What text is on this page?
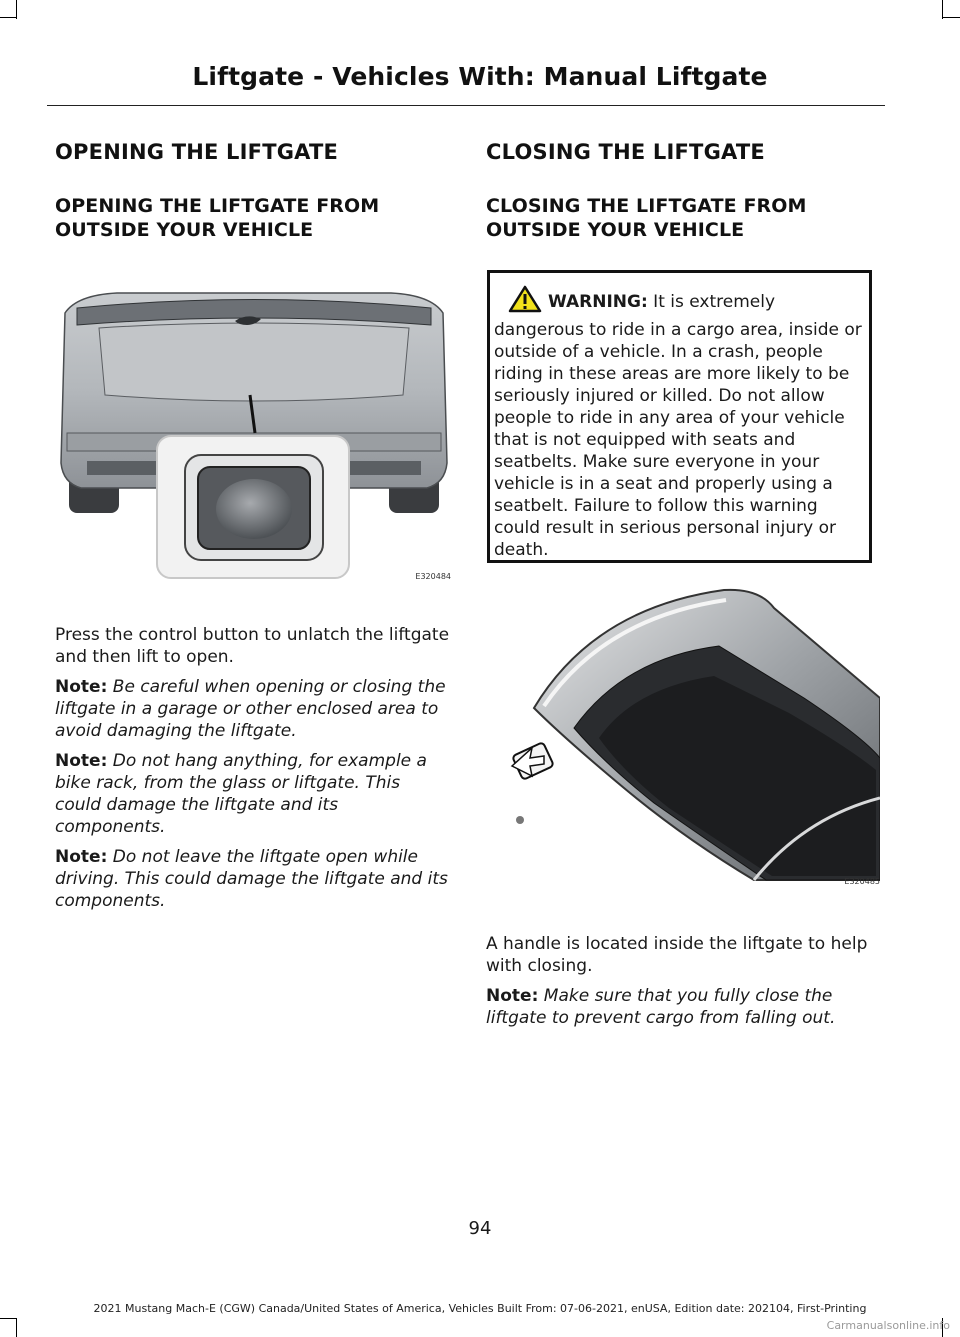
Liftgate - Vehicles With: Manual Liftgate
OPENING THE LIFTGATE
OPENING THE LIFTGATE FROM OUTSIDE YOUR VEHICLE
E320484

Press the control button to unlatch the liftgate and then lift to open.

Note: Be careful when opening or closing the liftgate in a garage or other enclosed area to avoid damaging the liftgate.

Note: Do not hang anything, for example a bike rack, from the glass or liftgate. This could damage the liftgate and its components.

Note: Do not leave the liftgate open while driving. This could damage the liftgate and its components.

CLOSING THE LIFTGATE
CLOSING THE LIFTGATE FROM OUTSIDE YOUR VEHICLE

WARNING: It is extremely dangerous to ride in a cargo area, inside or outside of a vehicle. In a crash, people riding in these areas are more likely to be seriously injured or killed. Do not allow people to ride in any area of your vehicle that is not equipped with seats and seatbelts. Make sure everyone in your vehicle is in a seat and properly using a seatbelt. Failure to follow this warning could result in serious personal injury or death.

E320485

A handle is located inside the liftgate to help with closing.

Note: Make sure that you fully close the liftgate to prevent cargo from falling out.

94
2021 Mustang Mach-E (CGW) Canada/United States of America, Vehicles Built From: 07-06-2021, enUSA, Edition date: 202104, First-Printing
Carmanualsonline.info
